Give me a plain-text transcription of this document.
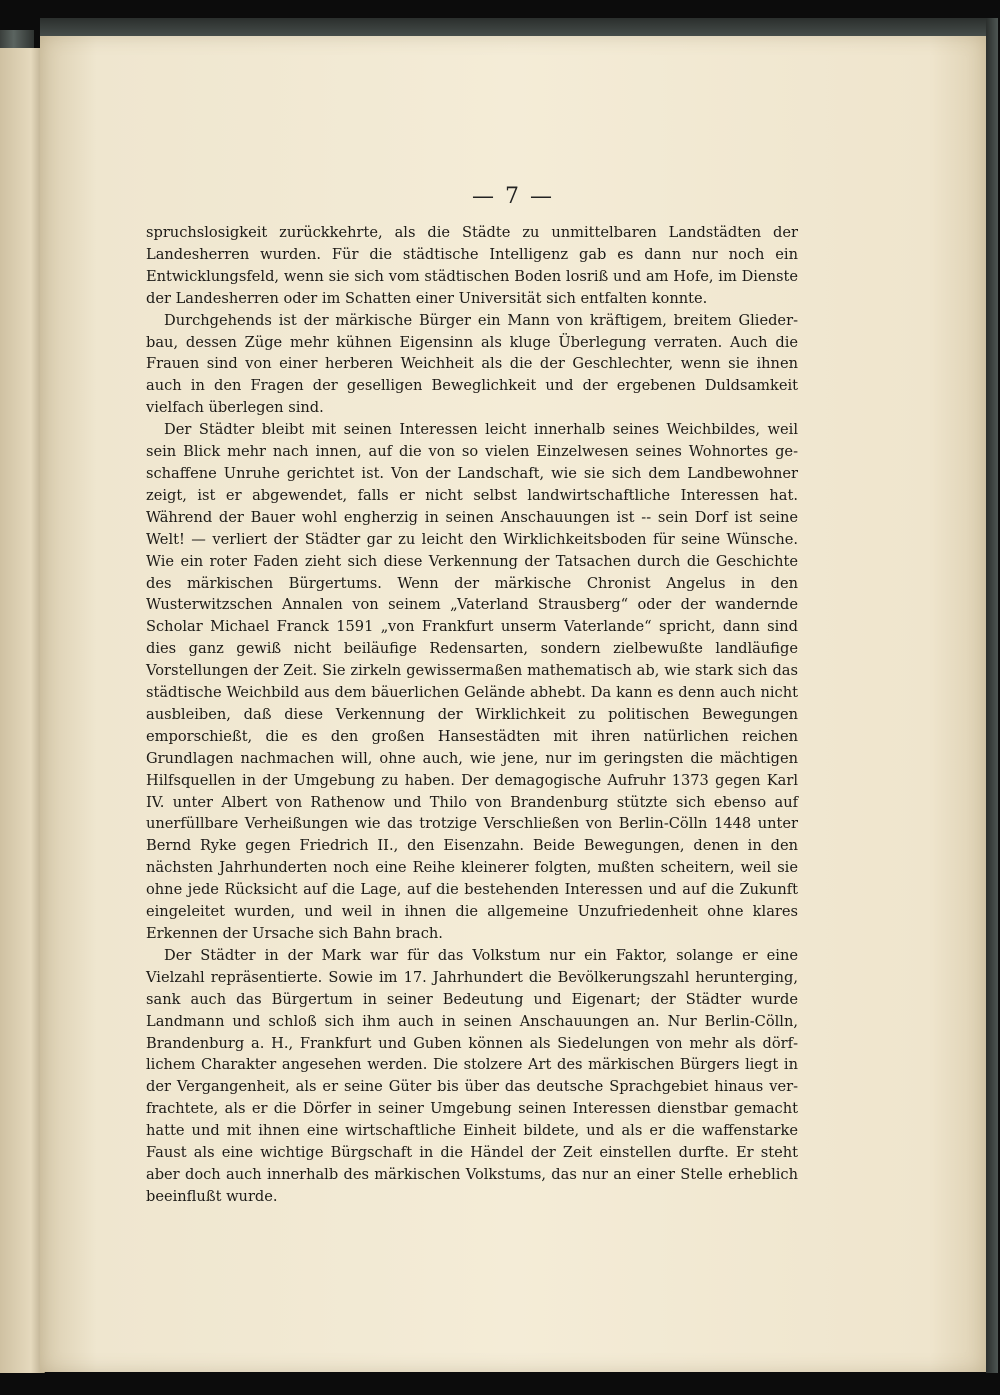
— 7 —

spruchslosigkeit zurückkehrte, als die Städte zu unmittelbaren Landstädten der Landesherren wurden. Für die städtische Intelligenz gab es dann nur noch ein Entwicklungsfeld, wenn sie sich vom städtischen Boden losriß und am Hofe, im Dienste der Landesherren oder im Schatten einer Universität sich entfalten konnte.

Durchgehends ist der märkische Bürger ein Mann von kräftigem, breitem Gliederbau, dessen Züge mehr kühnen Eigensinn als kluge Überlegung verraten. Auch die Frauen sind von einer herberen Weichheit als die der Geschlechter, wenn sie ihnen auch in den Fragen der geselligen Beweglichkeit und der ergebenen Duldsamkeit vielfach überlegen sind.

Der Städter bleibt mit seinen Interessen leicht innerhalb seines Weichbildes, weil sein Blick mehr nach innen, auf die von so vielen Einzelwesen seines Wohnortes geschaffene Unruhe gerichtet ist. Von der Landschaft, wie sie sich dem Landbewohner zeigt, ist er abgewendet, falls er nicht selbst landwirtschaftliche Interessen hat. Während der Bauer wohl engherzig in seinen Anschauungen ist -- sein Dorf ist seine Welt! — verliert der Städter gar zu leicht den Wirklichkeitsboden für seine Wünsche. Wie ein roter Faden zieht sich diese Verkennung der Tatsachen durch die Geschichte des märkischen Bürgertums. Wenn der märkische Chronist Angelus in den Wusterwitzschen Annalen von seinem „Vaterland Strausberg“ oder der wandernde Scholar Michael Franck 1591 „von Frankfurt unserm Vaterlande“ spricht, dann sind dies ganz gewiß nicht beiläufige Redensarten, sondern zielbewußte landläufige Vorstellungen der Zeit. Sie zirkeln gewissermaßen mathematisch ab, wie stark sich das städtische Weichbild aus dem bäuerlichen Gelände abhebt. Da kann es denn auch nicht ausbleiben, daß diese Verkennung der Wirklichkeit zu politischen Bewegungen emporschießt, die es den großen Hansestädten mit ihren natürlichen reichen Grundlagen nachmachen will, ohne auch, wie jene, nur im geringsten die mächtigen Hilfsquellen in der Umgebung zu haben. Der demagogische Aufruhr 1373 gegen Karl IV. unter Albert von Rathenow und Thilo von Brandenburg stützte sich ebenso auf unerfüllbare Verheißungen wie das trotzige Verschließen von Berlin-Cölln 1448 unter Bernd Ryke gegen Friedrich II., den Eisenzahn. Beide Bewegungen, denen in den nächsten Jahrhunderten noch eine Reihe kleinerer folgten, mußten scheitern, weil sie ohne jede Rücksicht auf die Lage, auf die bestehenden Interessen und auf die Zukunft eingeleitet wurden, und weil in ihnen die allgemeine Unzufriedenheit ohne klares Erkennen der Ursache sich Bahn brach.

Der Städter in der Mark war für das Volkstum nur ein Faktor, solange er eine Vielzahl repräsentierte. Sowie im 17. Jahrhundert die Bevölkerungszahl herunterging, sank auch das Bürgertum in seiner Bedeutung und Eigenart; der Städter wurde Landmann und schloß sich ihm auch in seinen Anschauungen an. Nur Berlin-Cölln, Brandenburg a. H., Frankfurt und Guben können als Siedelungen von mehr als dörflichem Charakter angesehen werden. Die stolzere Art des märkischen Bürgers liegt in der Vergangenheit, als er seine Güter bis über das deutsche Sprachgebiet hinaus verfrachtete, als er die Dörfer in seiner Umgebung seinen Interessen dienstbar gemacht hatte und mit ihnen eine wirtschaftliche Einheit bildete, und als er die waffenstarke Faust als eine wichtige Bürgschaft in die Händel der Zeit einstellen durfte. Er steht aber doch auch innerhalb des märkischen Volkstums, das nur an einer Stelle erheblich beeinflußt wurde.
